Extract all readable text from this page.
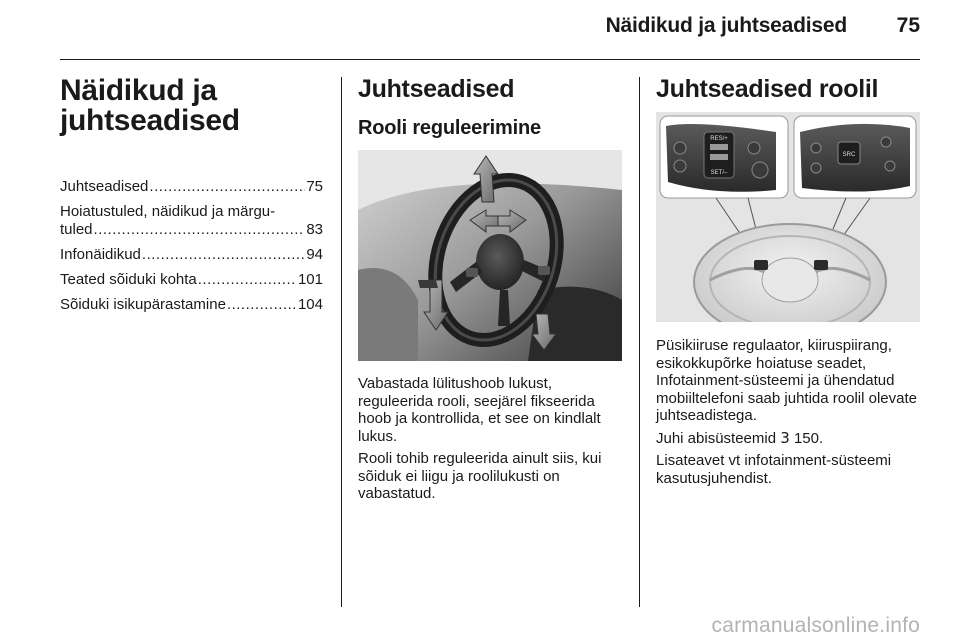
Näidikud ja juhtseadised 75
Näidikud ja juhtseadised
Juhtseadised .....	75
Hoiatustuled, näidikud ja märgu-
tuled .....	83
Infonäidikud .....	94
Teated sõiduki kohta .....	101
Sõiduki isikupärastamine .....	104
Juhtseadised
Rooli reguleerimine

Vabastada lülitushoob lukust, reguleerida rooli, seejärel fikseerida hoob ja kontrollida, et see on kindlalt lukus.

Rooli tohib reguleerida ainult siis, kui sõiduk ei liigu ja roolilukusti on vabastatud.

Juhtseadised roolil
RES/+
SET/–
SRC

Püsikiiruse regulaator, kiiruspiirang, esikokkupõrke hoiatuse seadet, Infotainment-süsteemi ja ühendatud mobiiltelefoni saab juhtida roolil olevate juhtseadistega.

Juhi abisüsteemid 3 150.

Lisateavet vt infotainment-süsteemi kasutusjuhendist.

carmanualsonline.info
